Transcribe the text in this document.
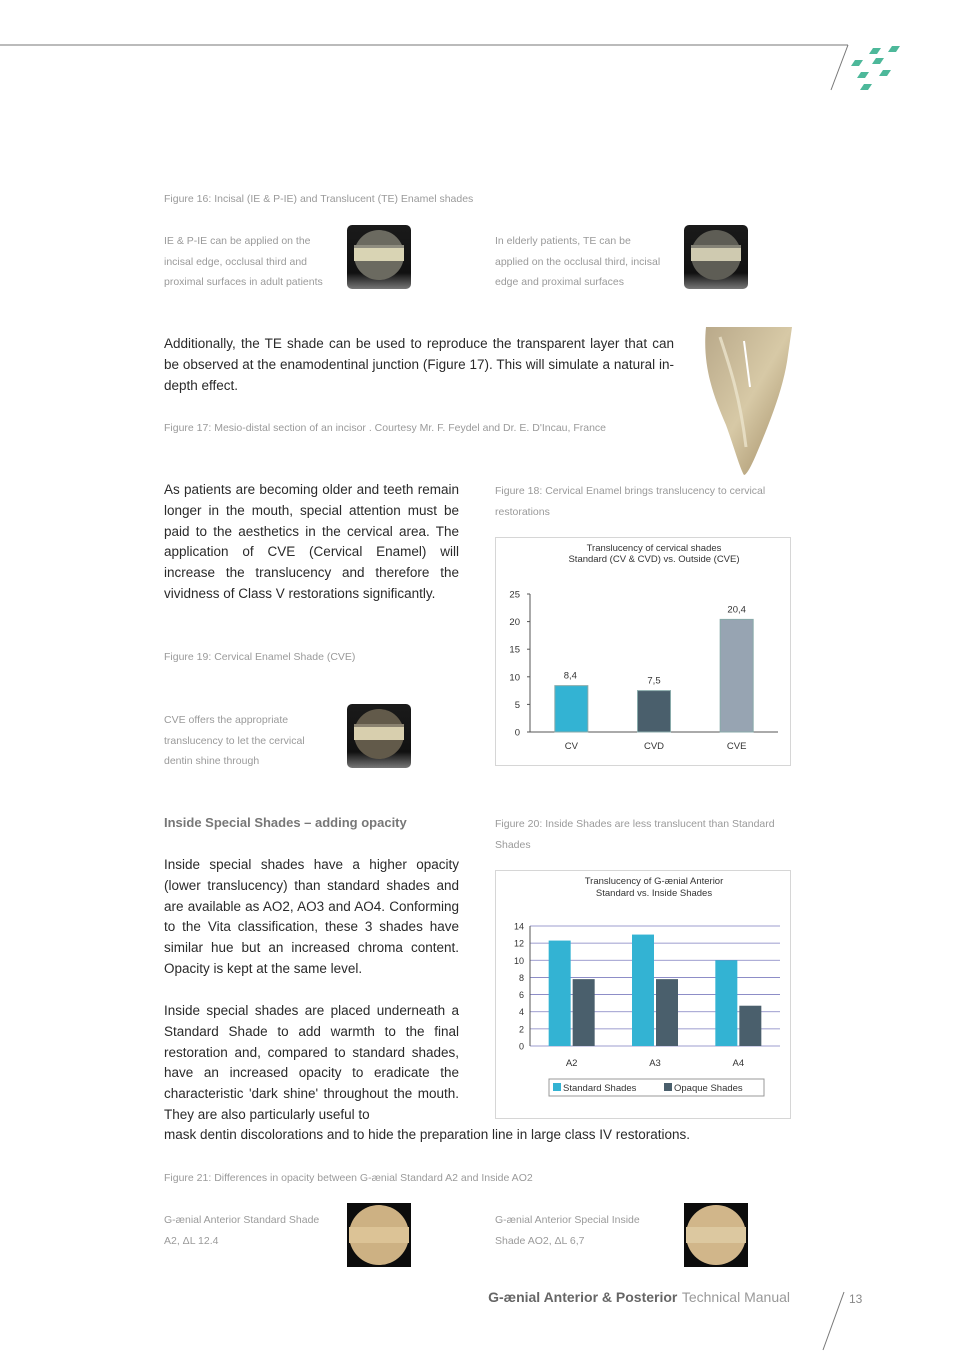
Figure 16: Incisal (IE & P-IE) and Translucent (TE) Enamel shades
IE & P-IE can be applied on the
incisal edge, occlusal third and
proximal surfaces in adult patients
In elderly patients, TE can be
applied on the occlusal third, incisal
edge and proximal surfaces
Additionally, the TE shade can be used to reproduce the transparent layer that can be observed at the enamodentinal junction (Figure 17). This will simulate a natural in-depth effect.
Figure 17: Mesio-distal section of an incisor . Courtesy Mr. F. Feydel and Dr. E. D'Incau, France
As patients are becoming older and teeth remain longer in the mouth, special attention must be paid to the aesthetics in the cervical area. The application of CVE (Cervical Enamel) will increase the translucency and therefore the vividness of Class V restorations significantly.
Figure 18: Cervical Enamel brings translucency to cervical
restorations
Translucency of cervical shades
Standard (CV & CVD) vs. Outside (CVE)
0
5
10
15
20
25
8,4
CV
7,5
CVD
20,4
CVE
Figure 19: Cervical Enamel Shade (CVE)
CVE offers the appropriate
translucency to let the cervical
dentin shine through
Inside Special Shades – adding opacity	Figure 20: Inside Shades are less translucent than Standard
Shades
Inside special shades have a higher opacity (lower translucency) than standard shades and are available as AO2, AO3 and AO4. Conforming to the Vita classification, these 3 shades have similar hue but an increased chroma content. Opacity is kept at the same level.
Inside special shades are placed underneath a Standard Shade to add warmth to the final restoration and, compared to standard shades, have an increased opacity to eradicate the characteristic 'dark shine' throughout the mouth. They are also particularly useful to
mask dentin discolorations and to hide the preparation line in large class IV restorations.
Translucency of G-ænial Anterior
Standard vs. Inside Shades
0
2
4
6
8
10
12
14
A2	A3	A4
Standard Shades	Opaque Shades
Figure 21: Differences in opacity between G-ænial Standard A2 and Inside AO2
G-ænial Anterior Standard Shade
A2, ΔL 12.4
G-ænial Anterior Special Inside
Shade AO2, ΔL 6,7
G-ænial Anterior & Posterior Technical Manual	13
